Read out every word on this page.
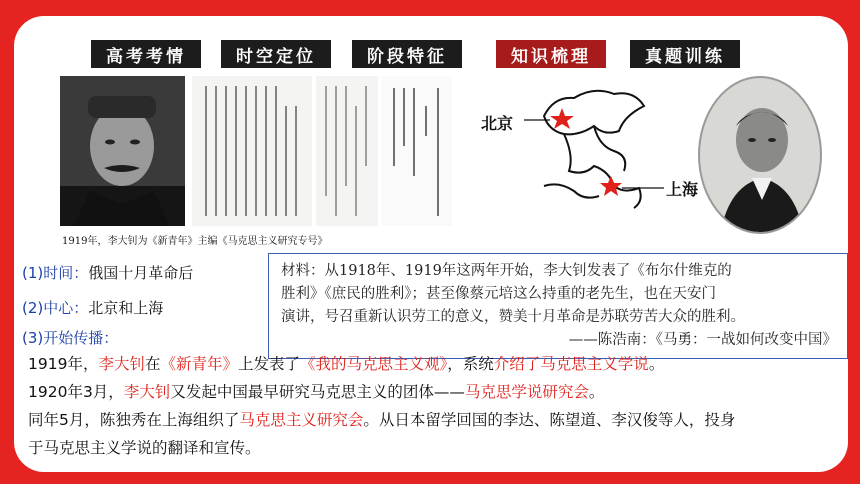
高考考情	时空定位	阶段特征	知识梳理	真题训练
1919年，李大钊为《新青年》主编《马克思主义研究专号》
北京
上海
(1)时间：俄国十月革命后
(2)中心：北京和上海
(3)开始传播：
材料：从1918年、1919年这两年开始，李大钊发表了《布尔什维克的
胜利》《庶民的胜利》；甚至像蔡元培这么持重的老先生，也在天安门
演讲，号召重新认识劳工的意义，赞美十月革命是苏联劳苦大众的胜利。
——陈浩南：《马勇：一战如何改变中国》
1919年，李大钊在《新青年》上发表了《我的马克思主义观》，系统介绍了马克思主义学说。
1920年3月，李大钊又发起中国最早研究马克思主义的团体——马克思学说研究会。
同年5月，陈独秀在上海组织了马克思主义研究会。从日本留学回国的李达、陈望道、李汉俊等人，投身
于马克思主义学说的翻译和宣传。
